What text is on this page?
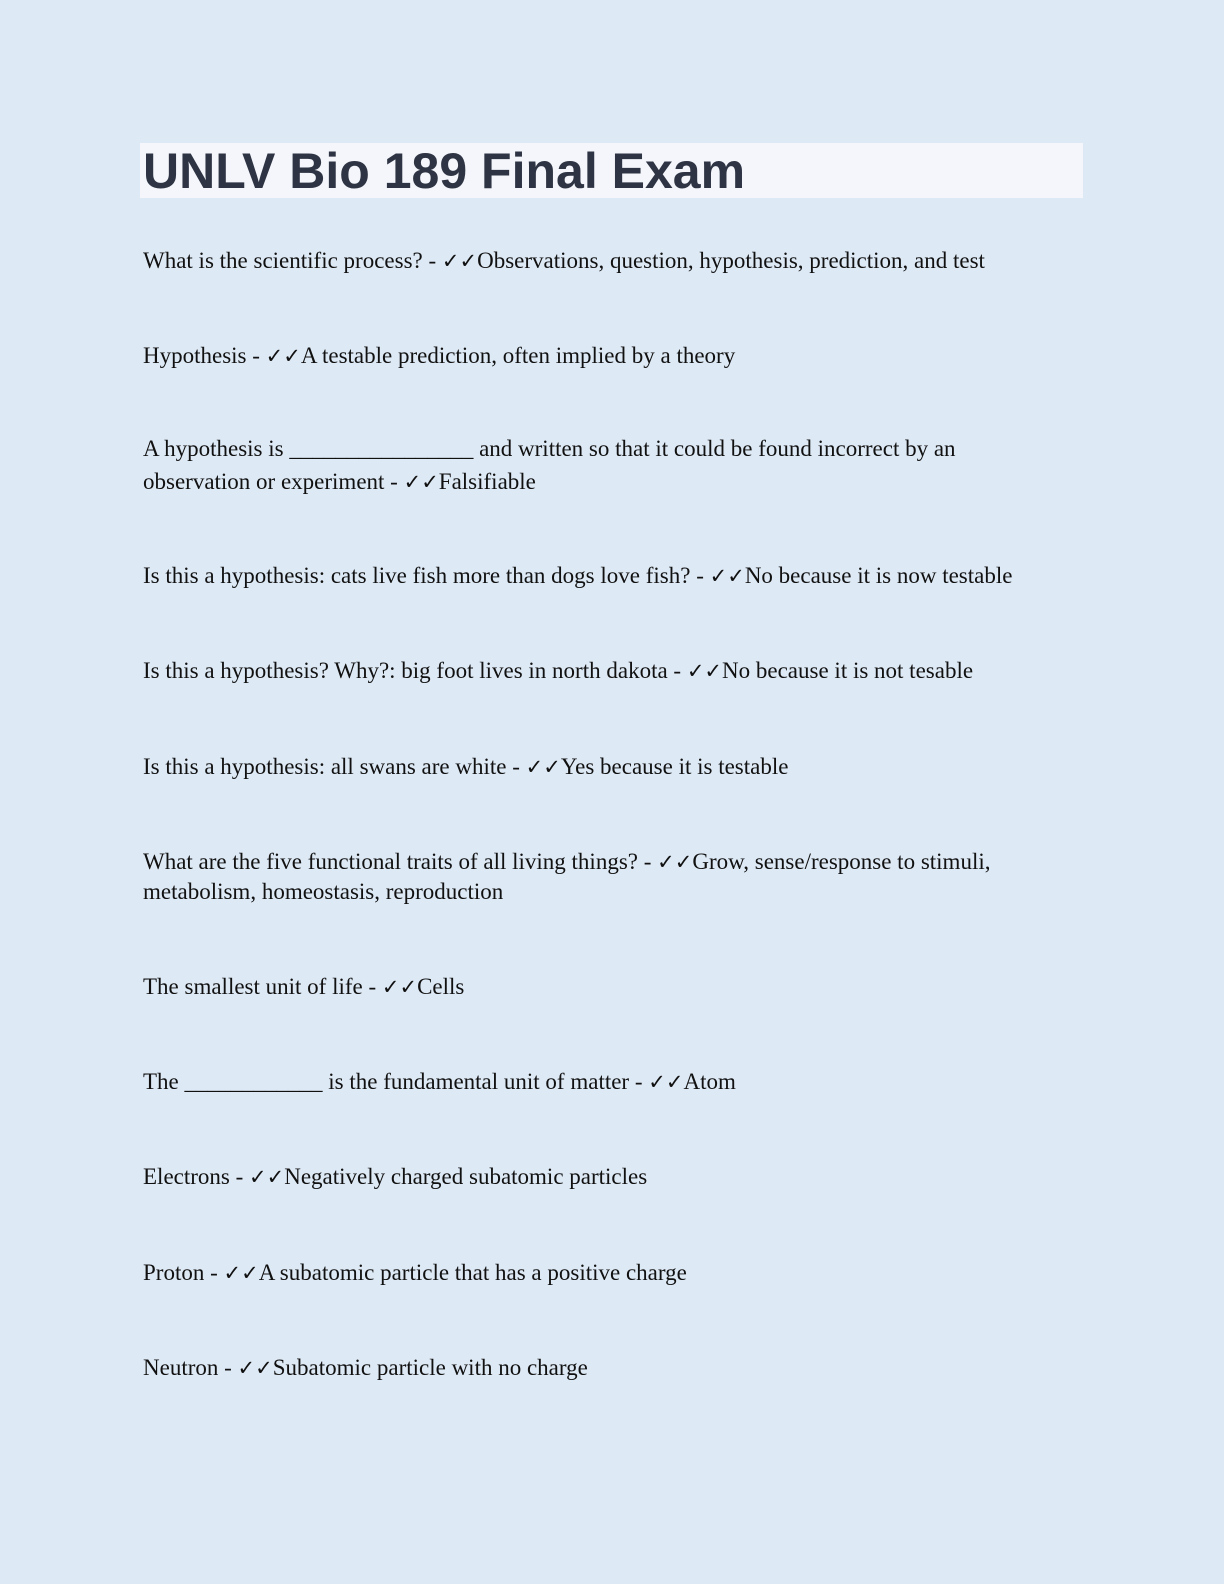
UNLV Bio 189 Final Exam

What is the scientific process? - ✓✓Observations, question, hypothesis, prediction, and test

Hypothesis - ✓✓A testable prediction, often implied by a theory

A hypothesis is ________________ and written so that it could be found incorrect by an observation or experiment - ✓✓Falsifiable

Is this a hypothesis: cats live fish more than dogs love fish? - ✓✓No because it is now testable

Is this a hypothesis? Why?: big foot lives in north dakota - ✓✓No because it is not tesable

Is this a hypothesis: all swans are white - ✓✓Yes because it is testable

What are the five functional traits of all living things? - ✓✓Grow, sense/response to stimuli, metabolism, homeostasis, reproduction

The smallest unit of life - ✓✓Cells

The ____________ is the fundamental unit of matter - ✓✓Atom

Electrons - ✓✓Negatively charged subatomic particles

Proton - ✓✓A subatomic particle that has a positive charge

Neutron - ✓✓Subatomic particle with no charge
